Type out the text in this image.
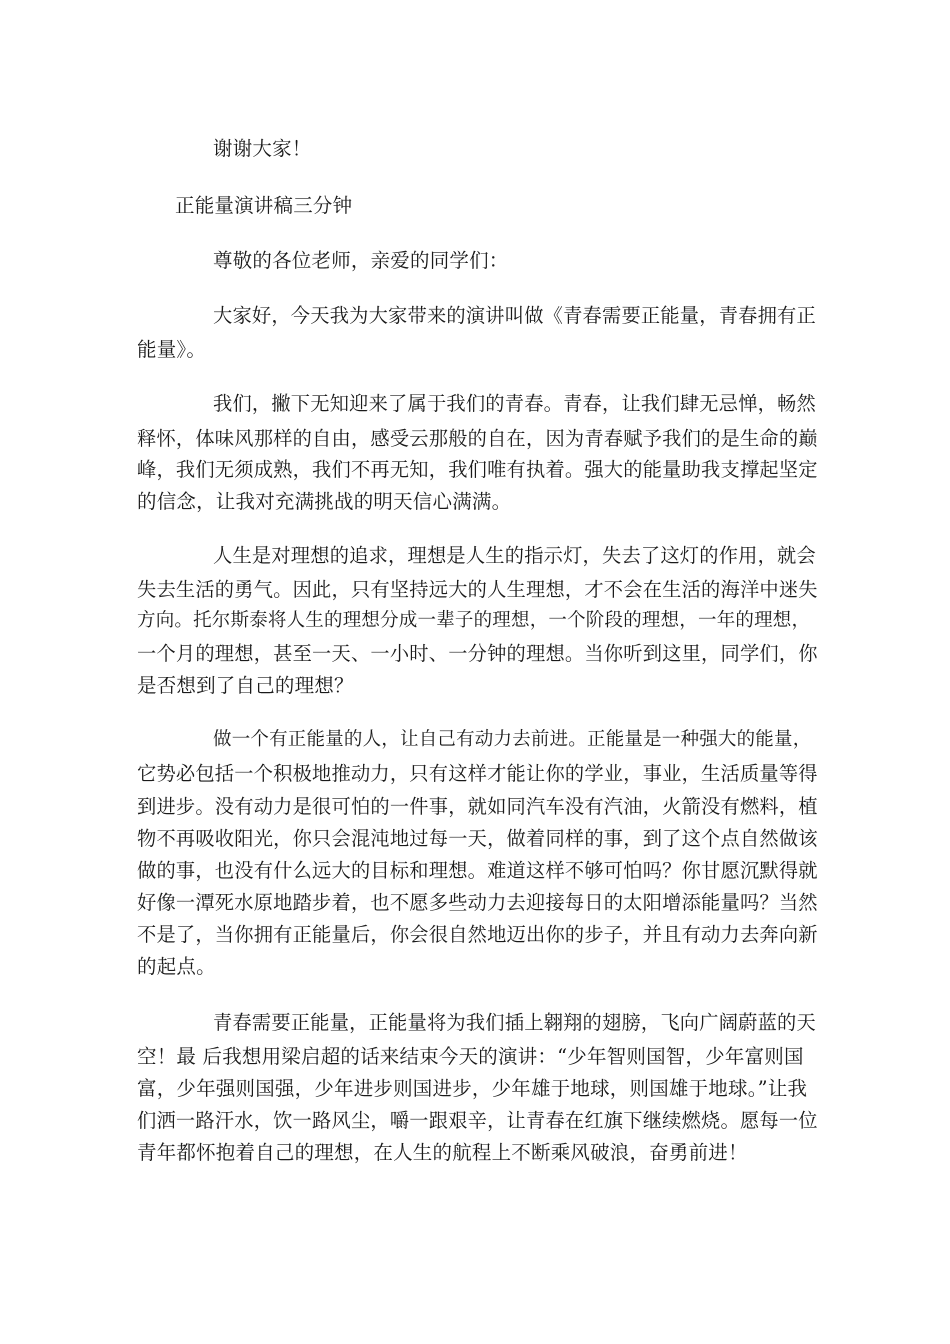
谢谢大家！
正能量演讲稿三分钟
尊敬的各位老师，亲爱的同学们：
大家好，今天我为大家带来的演讲叫做《青春需要正能量，青春拥有正
能量》。
我们，撇下无知迎来了属于我们的青春。青春，让我们肆无忌惮，畅然
释怀，体味风那样的自由，感受云那般的自在，因为青春赋予我们的是生命的巅
峰，我们无须成熟，我们不再无知，我们唯有执着。强大的能量助我支撑起坚定
的信念，让我对充满挑战的明天信心满满。
人生是对理想的追求，理想是人生的指示灯，失去了这灯的作用，就会
失去生活的勇气。因此，只有坚持远大的人生理想，才不会在生活的海洋中迷失
方向。托尔斯泰将人生的理想分成一辈子的理想，一个阶段的理想，一年的理想，
一个月的理想，甚至一天、一小时、一分钟的理想。当你听到这里，同学们，你
是否想到了自己的理想？
做一个有正能量的人，让自己有动力去前进。正能量是一种强大的能量，
它势必包括一个积极地推动力，只有这样才能让你的学业，事业，生活质量等得
到进步。没有动力是很可怕的一件事，就如同汽车没有汽油，火箭没有燃料，植
物不再吸收阳光，你只会混沌地过每一天，做着同样的事，到了这个点自然做该
做的事，也没有什么远大的目标和理想。难道这样不够可怕吗？你甘愿沉默得就
好像一潭死水原地踏步着，也不愿多些动力去迎接每日的太阳增添能量吗？当然
不是了，当你拥有正能量后，你会很自然地迈出你的步子，并且有动力去奔向新
的起点。
青春需要正能量，正能量将为我们插上翱翔的翅膀，飞向广阔蔚蓝的天
空！最 后我想用梁启超的话来结束今天的演讲：“少年智则国智，少年富则国
富，少年强则国强，少年进步则国进步，少年雄于地球，则国雄于地球。”让我
们洒一路汗水，饮一路风尘，嚼一跟艰辛，让青春在红旗下继续燃烧。愿每一位
青年都怀抱着自己的理想，在人生的航程上不断乘风破浪，奋勇前进！
